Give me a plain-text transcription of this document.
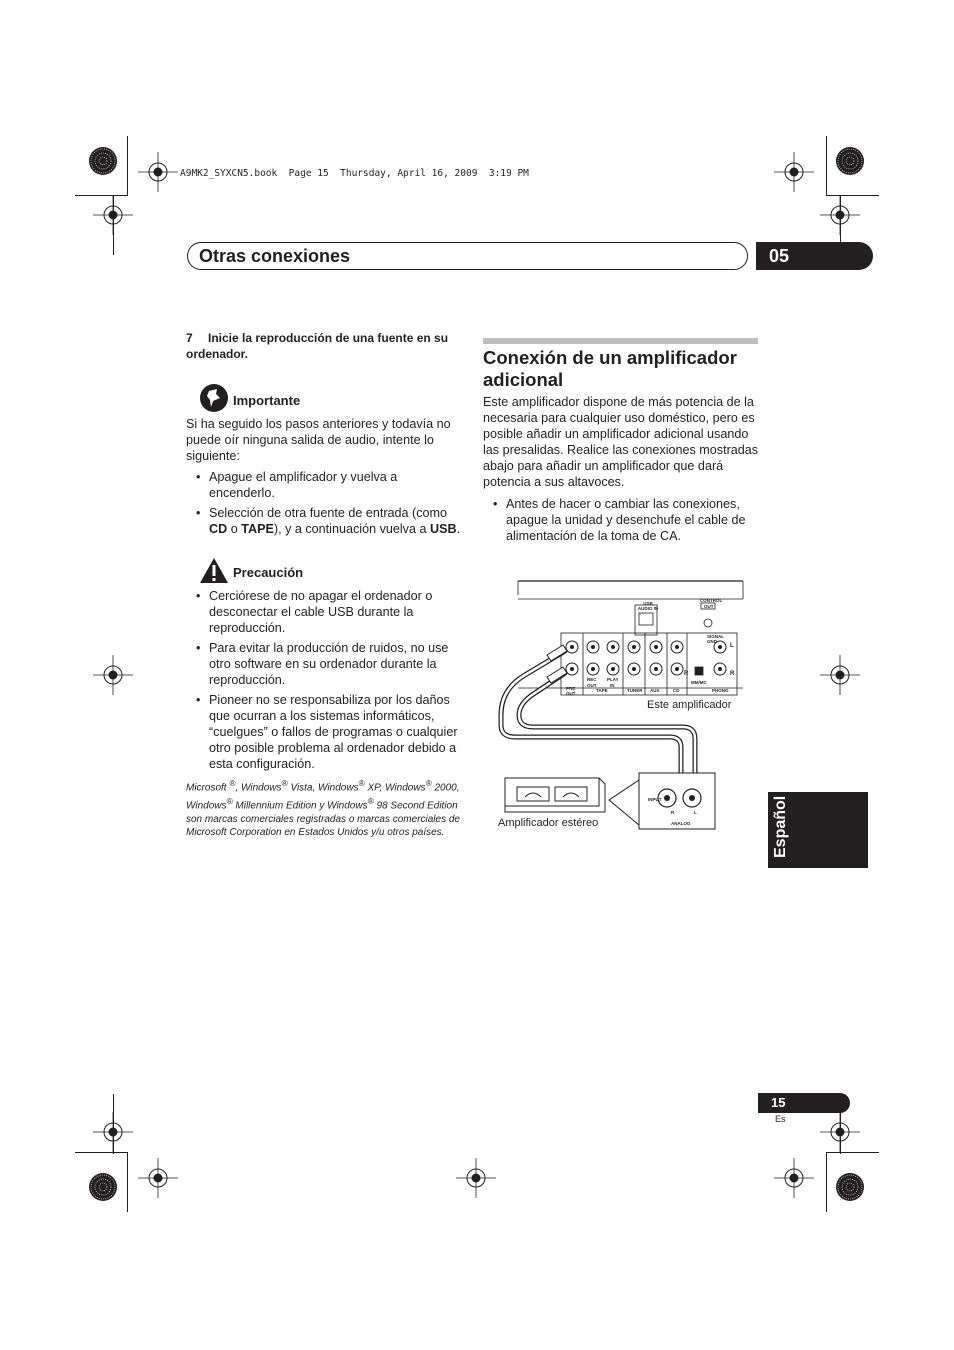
A9MK2_SYXCN5.book  Page 15  Thursday, April 16, 2009  3:19 PM
Otras conexiones	05
7 Inicie la reproducción de una fuente en su ordenador.
Importante
Si ha seguido los pasos anteriores y todavía no puede oír ninguna salida de audio, intente lo siguiente:
• Apague el amplificador y vuelva a encenderlo.
• Selección de otra fuente de entrada (como CD o TAPE), y a continuación vuelva a USB.
Precaución
• Cerciórese de no apagar el ordenador o desconectar el cable USB durante la reproducción.
• Para evitar la producción de ruidos, no use otro software en su ordenador durante la reproducción.
• Pioneer no se responsabiliza por los daños que ocurran a los sistemas informáticos, “cuelgues” o fallos de programas o cualquier otro posible problema al ordenador debido a esta configuración.
Microsoft ®, Windows® Vista, Windows® XP, Windows® 2000, Windows® Millennium Edition y Windows® 98 Second Edition son marcas comerciales registradas o marcas comerciales de Microsoft Corporation en Estados Unidos y/u otros países.
Conexión de un amplificador adicional
Este amplificador dispone de más potencia de la necesaria para cualquier uso doméstico, pero es posible añadir un amplificador adicional usando las presalidas. Realice las conexiones mostradas abajo para añadir un amplificador que dará potencia a sus altavoces.
• Antes de hacer o cambiar las conexiones, apague la unidad y desenchufe el cable de alimentación de la toma de CA.
USB AUDIO IN
CONTROL
OUT
SIGNAL GND
PRE OUT
TAPE
OUT	IN
REC PLAY
TUNER AUX	CD	PHONO
MM/MC
L
R
R
INPUT
R	L
ANALOG
Este amplificador
Amplificador estéreo	Español
15
Es
